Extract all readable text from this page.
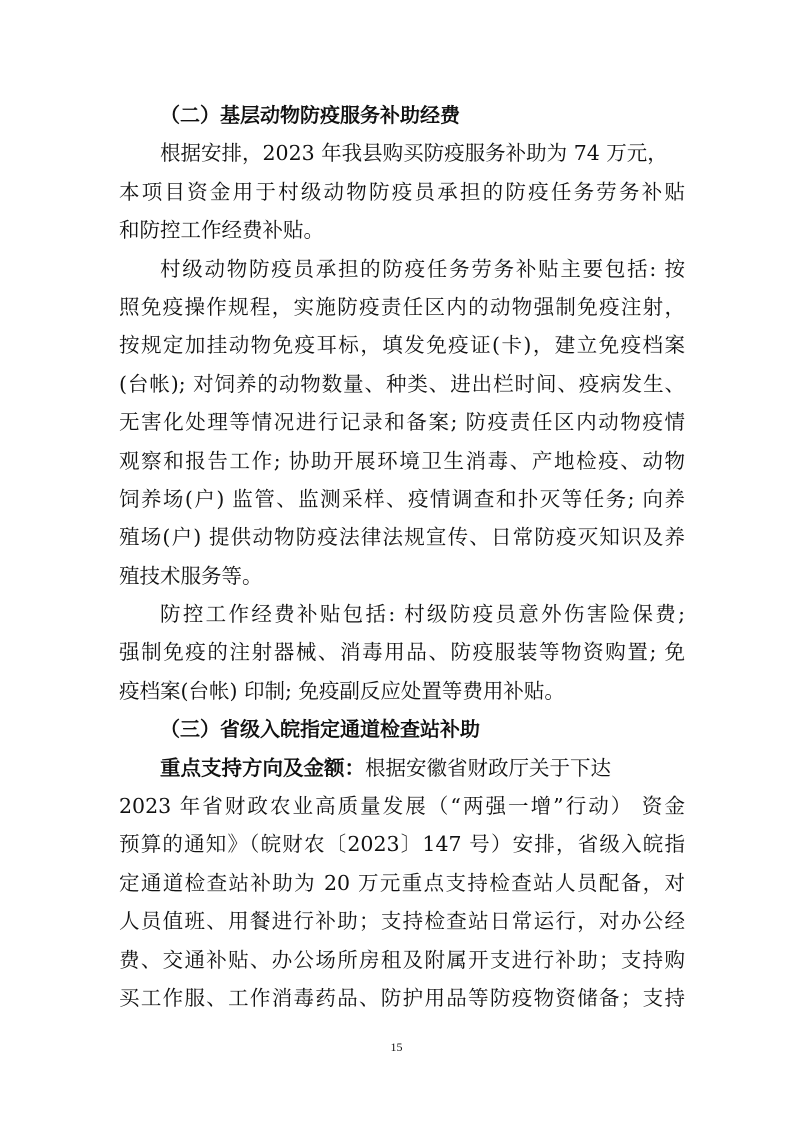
（二）基层动物防疫服务补助经费
根据安排，2023 年我县购买防疫服务补助为 74 万元，
本项目资金用于村级动物防疫员承担的防疫任务劳务补贴
和防控工作经费补贴。
村级动物防疫员承担的防疫任务劳务补贴主要包括: 按
照免疫操作规程，实施防疫责任区内的动物强制免疫注射，
按规定加挂动物免疫耳标，填发免疫证(卡)，建立免疫档案
(台帐); 对饲养的动物数量、种类、进出栏时间、疫病发生、
无害化处理等情况进行记录和备案; 防疫责任区内动物疫情
观察和报告工作; 协助开展环境卫生消毒、产地检疫、动物
饲养场(户) 监管、监测采样、疫情调查和扑灭等任务; 向养
殖场(户) 提供动物防疫法律法规宣传、日常防疫灭知识及养
殖技术服务等。
防控工作经费补贴包括: 村级防疫员意外伤害险保费;
强制免疫的注射器械、消毒用品、防疫服装等物资购置; 免
疫档案(台帐) 印制; 免疫副反应处置等费用补贴。
（三）省级入皖指定通道检查站补助
重点支持方向及金额：根据安徽省财政厅关于下达
2023 年省财政农业高质量发展（“两强一增”行动） 资金
预算的通知》（皖财农〔2023〕147 号）安排，省级入皖指
定通道检查站补助为 20 万元重点支持检查站人员配备，对
人员值班、用餐进行补助；支持检查站日常运行，对办公经
费、交通补贴、办公场所房租及附属开支进行补助；支持购
买工作服、工作消毒药品、防护用品等防疫物资储备；支持
15
